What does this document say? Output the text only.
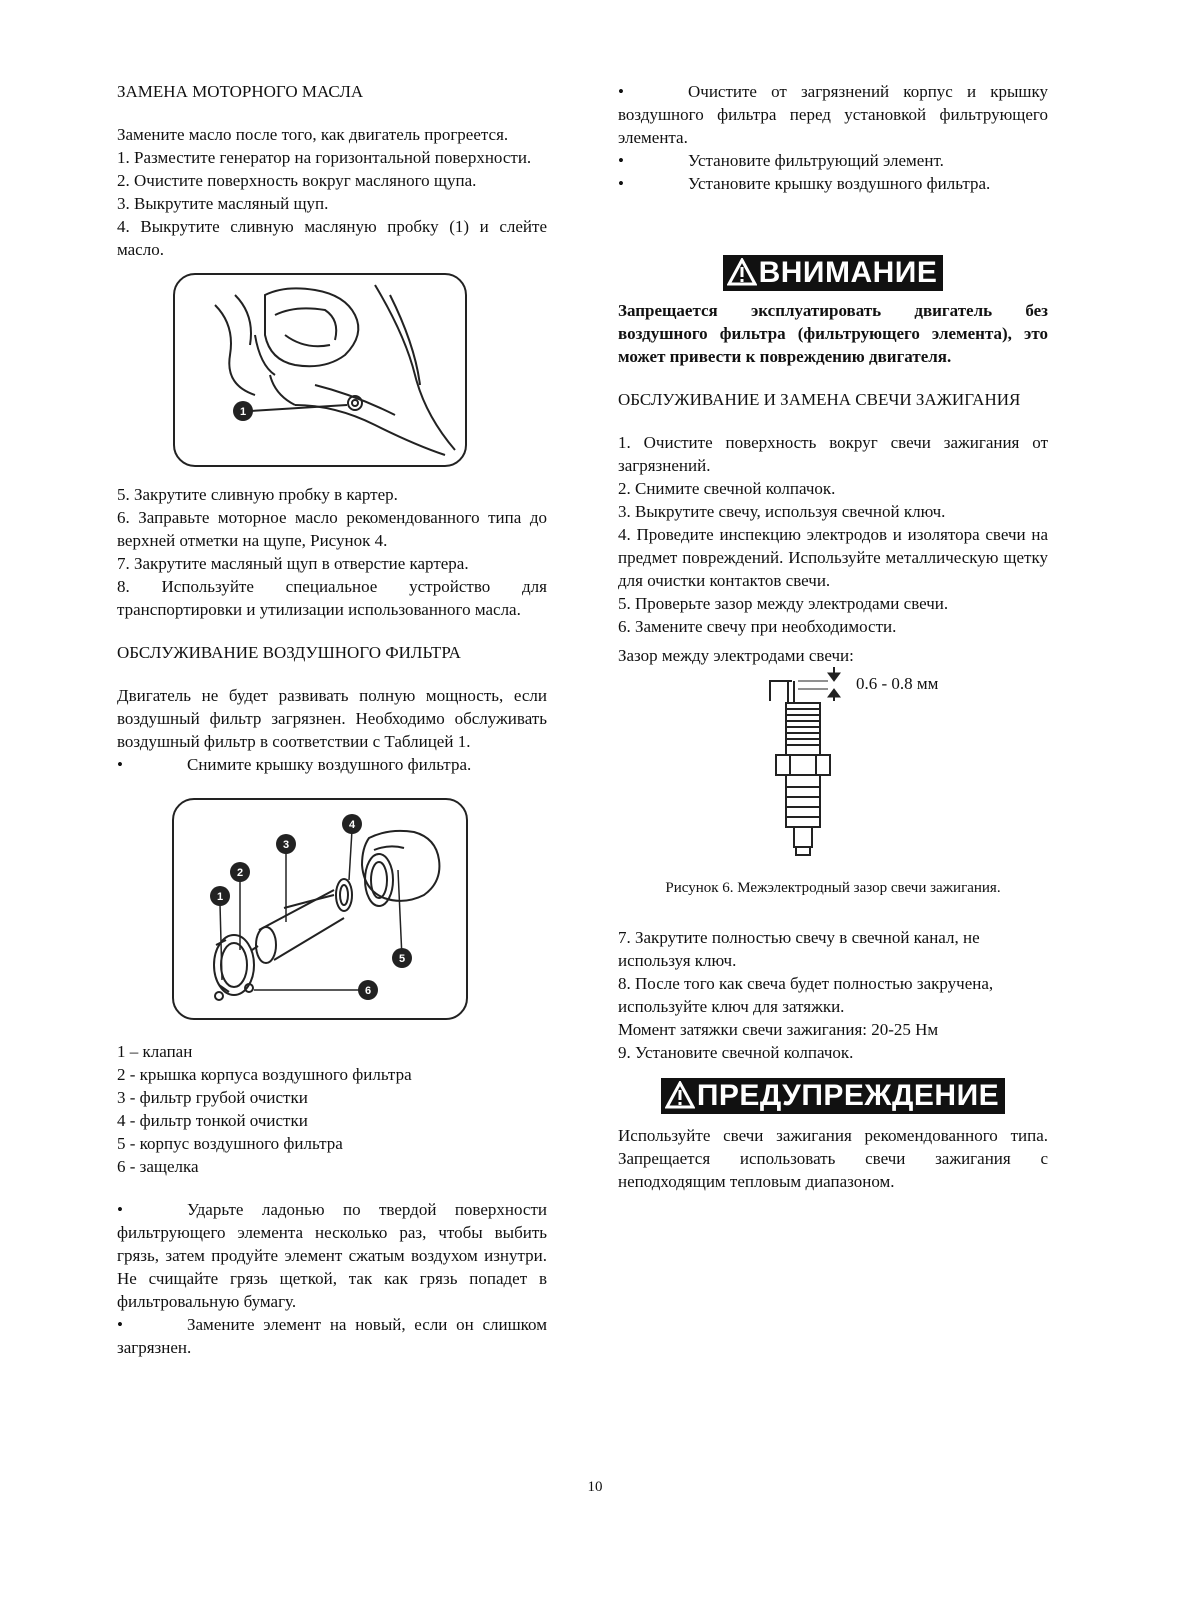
ЗАМЕНА МОТОРНОГО МАСЛА

Замените масло после того, как двигатель прогреется.

1. Разместите генератор на горизонтальной поверхности.

2. Очистите поверхность вокруг масляного щупа.

3. Выкрутите масляный щуп.

4. Выкрутите сливную масляную пробку (1) и слейте масло.

1

5. Закрутите сливную пробку в картер.

6. Заправьте моторное масло рекомендованного типа до верхней отметки на щупе, Рисунок 4.

7. Закрутите масляный щуп в отверстие картера.

8. Используйте специальное устройство для транспортировки и утилизации использованного масла.

ОБСЛУЖИВАНИЕ ВОЗДУШНОГО ФИЛЬТРА

Двигатель не будет развивать полную мощность, если воздушный фильтр загрязнен. Необходимо обслуживать воздушный фильтр в соответствии с Таблицей 1.

•	Снимите крышку воздушного фильтра.

1
2
3
4
5
6

1 – клапан

2 - крышка корпуса воздушного фильтра

3 - фильтр грубой очистки

4 - фильтр тонкой очистки

5 - корпус воздушного фильтра

6 - защелка

•	Ударьте ладонью по твердой поверхности фильтрующего элемента несколько раз, чтобы выбить грязь, затем продуйте элемент сжатым воздухом изнутри. Не счищайте грязь щеткой, так как грязь попадет в фильтровальную бумагу.

•	Замените элемент на новый, если он слишком загрязнен.

•	Очистите от загрязнений корпус и крышку воздушного фильтра перед установкой фильтрующего элемента.

•	Установите фильтрующий элемент.

•	Установите крышку воздушного фильтра.

ВНИМАНИЕ

Запрещается эксплуатировать двигатель без воздушного фильтра (фильтрующего элемента), это может привести к повреждению двигателя.

ОБСЛУЖИВАНИЕ И ЗАМЕНА СВЕЧИ ЗАЖИГАНИЯ

1. Очистите поверхность вокруг свечи зажигания от загрязнений.

2. Снимите свечной колпачок.

3. Выкрутите свечу, используя свечной ключ.

4. Проведите инспекцию электродов и изолятора свечи на предмет повреждений. Используйте металлическую щетку для очистки контактов свечи.

5. Проверьте зазор между электродами свечи.

6. Замените свечу при необходимости.

Зазор между электродами свечи:

0.6 - 0.8 мм

Рисунок 6. Межэлектродный зазор свечи зажигания.

7. Закрутите полностью свечу в свечной канал, не используя ключ.

8. После того как свеча будет полностью закручена, используйте ключ для затяжки.

Момент затяжки свечи зажигания: 20-25 Нм

9. Установите свечной колпачок.

ПРЕДУПРЕЖДЕНИЕ

Используйте свечи зажигания рекомендованного типа. Запрещается использовать свечи зажигания с неподходящим тепловым диапазоном.

10
